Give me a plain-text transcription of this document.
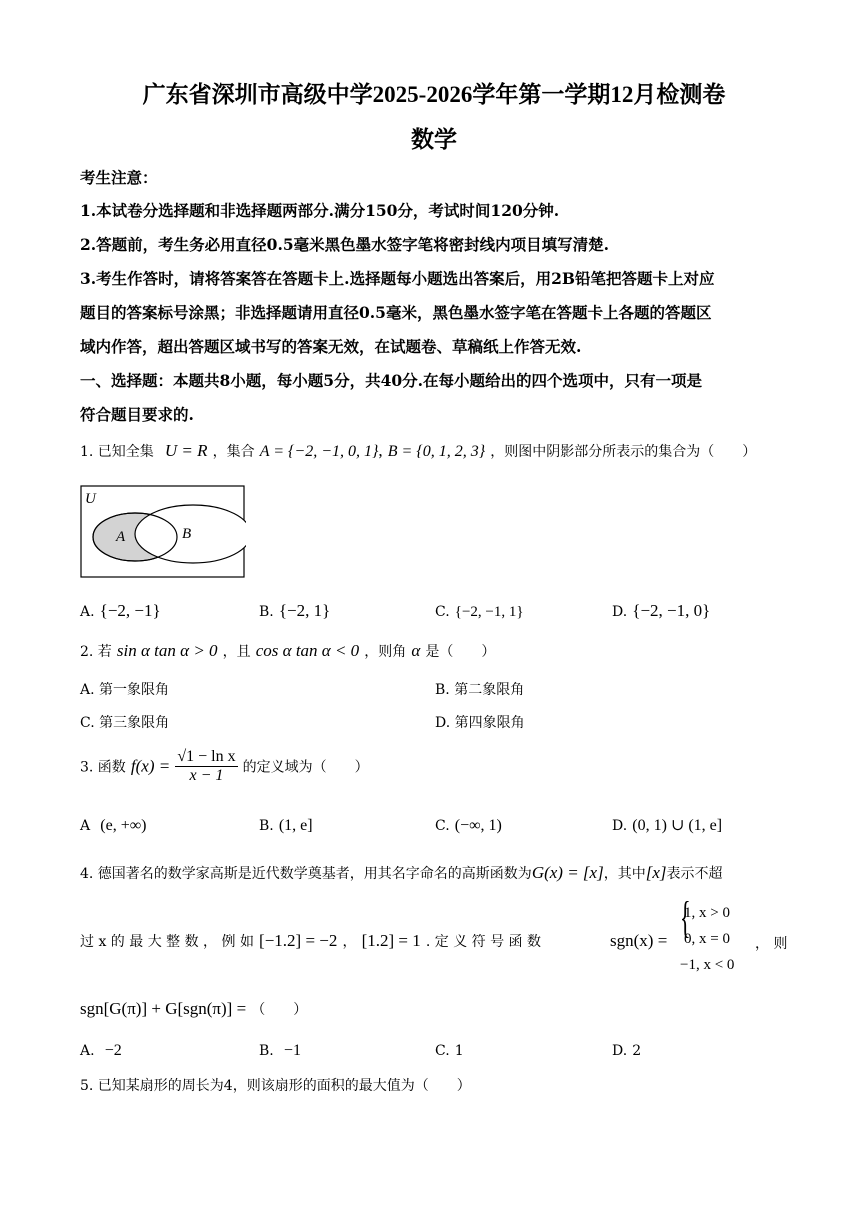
广东省深圳市高级中学2025-2026学年第一学期12月检测卷
数学
考生注意：
1.本试卷分选择题和非选择题两部分.满分150分，考试时间120分钟.
2.答题前，考生务必用直径0.5毫米黑色墨水签字笔将密封线内项目填写清楚.
3.考生作答时，请将答案答在答题卡上.选择题每小题选出答案后，用2B铅笔把答题卡上对应
题目的答案标号涂黑；非选择题请用直径0.5毫米，黑色墨水签字笔在答题卡上各题的答题区
域内作答，超出答题区域书写的答案无效，在试题卷、草稿纸上作答无效.
一、选择题：本题共8小题，每小题5分，共40分.在每小题给出的四个选项中，只有一项是
符合题目要求的.
1. 已知全集 U = R ，集合 A = {−2, −1, 0, 1}, B = {0, 1, 2, 3} ，则图中阴影部分所表示的集合为（　　）
U
A	B
A. {−2, −1}	B. {−2, 1}	C. {−2, −1, 1}	D. {−2, −1, 0}
2. 若 sin α tan α > 0 ，且 cos α tan α < 0 ，则角 α 是（　　）
A. 第一象限角	B. 第二象限角
C. 第三象限角	D. 第四象限角
3. 函数 $f(x) = \frac{\text{√1 − ln x}}{x - 1}$ 的定义域为（　　）
A (e, +∞)	B. (1, e]	C. (−∞, 1)	D. (0, 1) ∪ (1, e]
4. 德国著名的数学家高斯是近代数学奠基者，用其名字命名的高斯函数为G(x) = [x]，其中[x]表示不超
过 x 的 最 大 整 数 ， 例 如 [−1.2] = −2 ， [1.2] = 1 . 定 义 符 号 函 数	sgn(x) = {
1, x > 0
0, x = 0
−1, x < 0
， 则
sgn[G(π)] + G[sgn(π)] = （　　）
A. −2	B. −1	C. 1	D. 2
5. 已知某扇形的周长为4，则该扇形的面积的最大值为（　　）
